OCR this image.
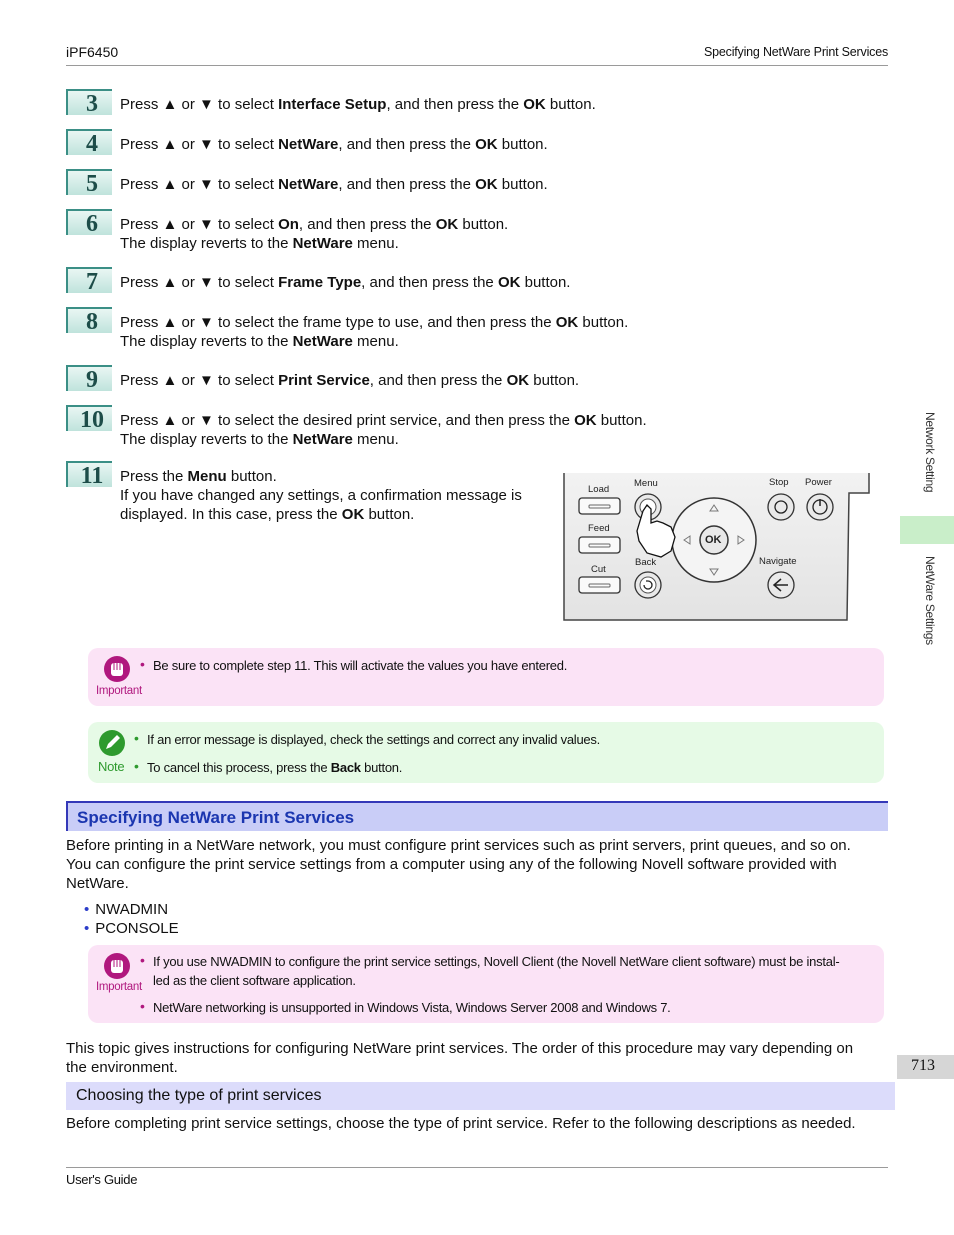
iPF6450	Specifying NetWare Print Services
3	Press ▲ or ▼ to select Interface Setup, and then press the OK button.
4	Press ▲ or ▼ to select NetWare, and then press the OK button.
5	Press ▲ or ▼ to select NetWare, and then press the OK button.
6	Press ▲ or ▼ to select On, and then press the OK button.
The display reverts to the NetWare menu.
7	Press ▲ or ▼ to select Frame Type, and then press the OK button.
8	Press ▲ or ▼ to select the frame type to use, and then press the OK button.
The display reverts to the NetWare menu.
9	Press ▲ or ▼ to select Print Service, and then press the OK button.
10	Press ▲ or ▼ to select the desired print service, and then press the OK button.
The display reverts to the NetWare menu.
11	Press the Menu button.
If you have changed any settings, a confirmation message is
displayed. In this case, press the OK button.
Load
Feed
Cut
Menu
Back
OK
Stop Power
Navigate
Important
• Be sure to complete step 11. This will activate the values you have entered.
Note
• If an error message is displayed, check the settings and correct any invalid values.
• To cancel this process, press the Back button.
Specifying NetWare Print Services
Before printing in a NetWare network, you must configure print services such as print servers, print queues, and so on.
You can configure the print service settings from a computer using any of the following Novell software provided with
NetWare.
• NWADMIN
• PCONSOLE
Important
• If you use NWADMIN to configure the print service settings, Novell Client (the Novell NetWare client software) must be instal-
led as the client software application.
• NetWare networking is unsupported in Windows Vista, Windows Server 2008 and Windows 7.
This topic gives instructions for configuring NetWare print services. The order of this procedure may vary depending on
the environment.
Choosing the type of print services
Before completing print service settings, choose the type of print service. Refer to the following descriptions as needed.
Network Setting
NetWare Settings
713
User's Guide
